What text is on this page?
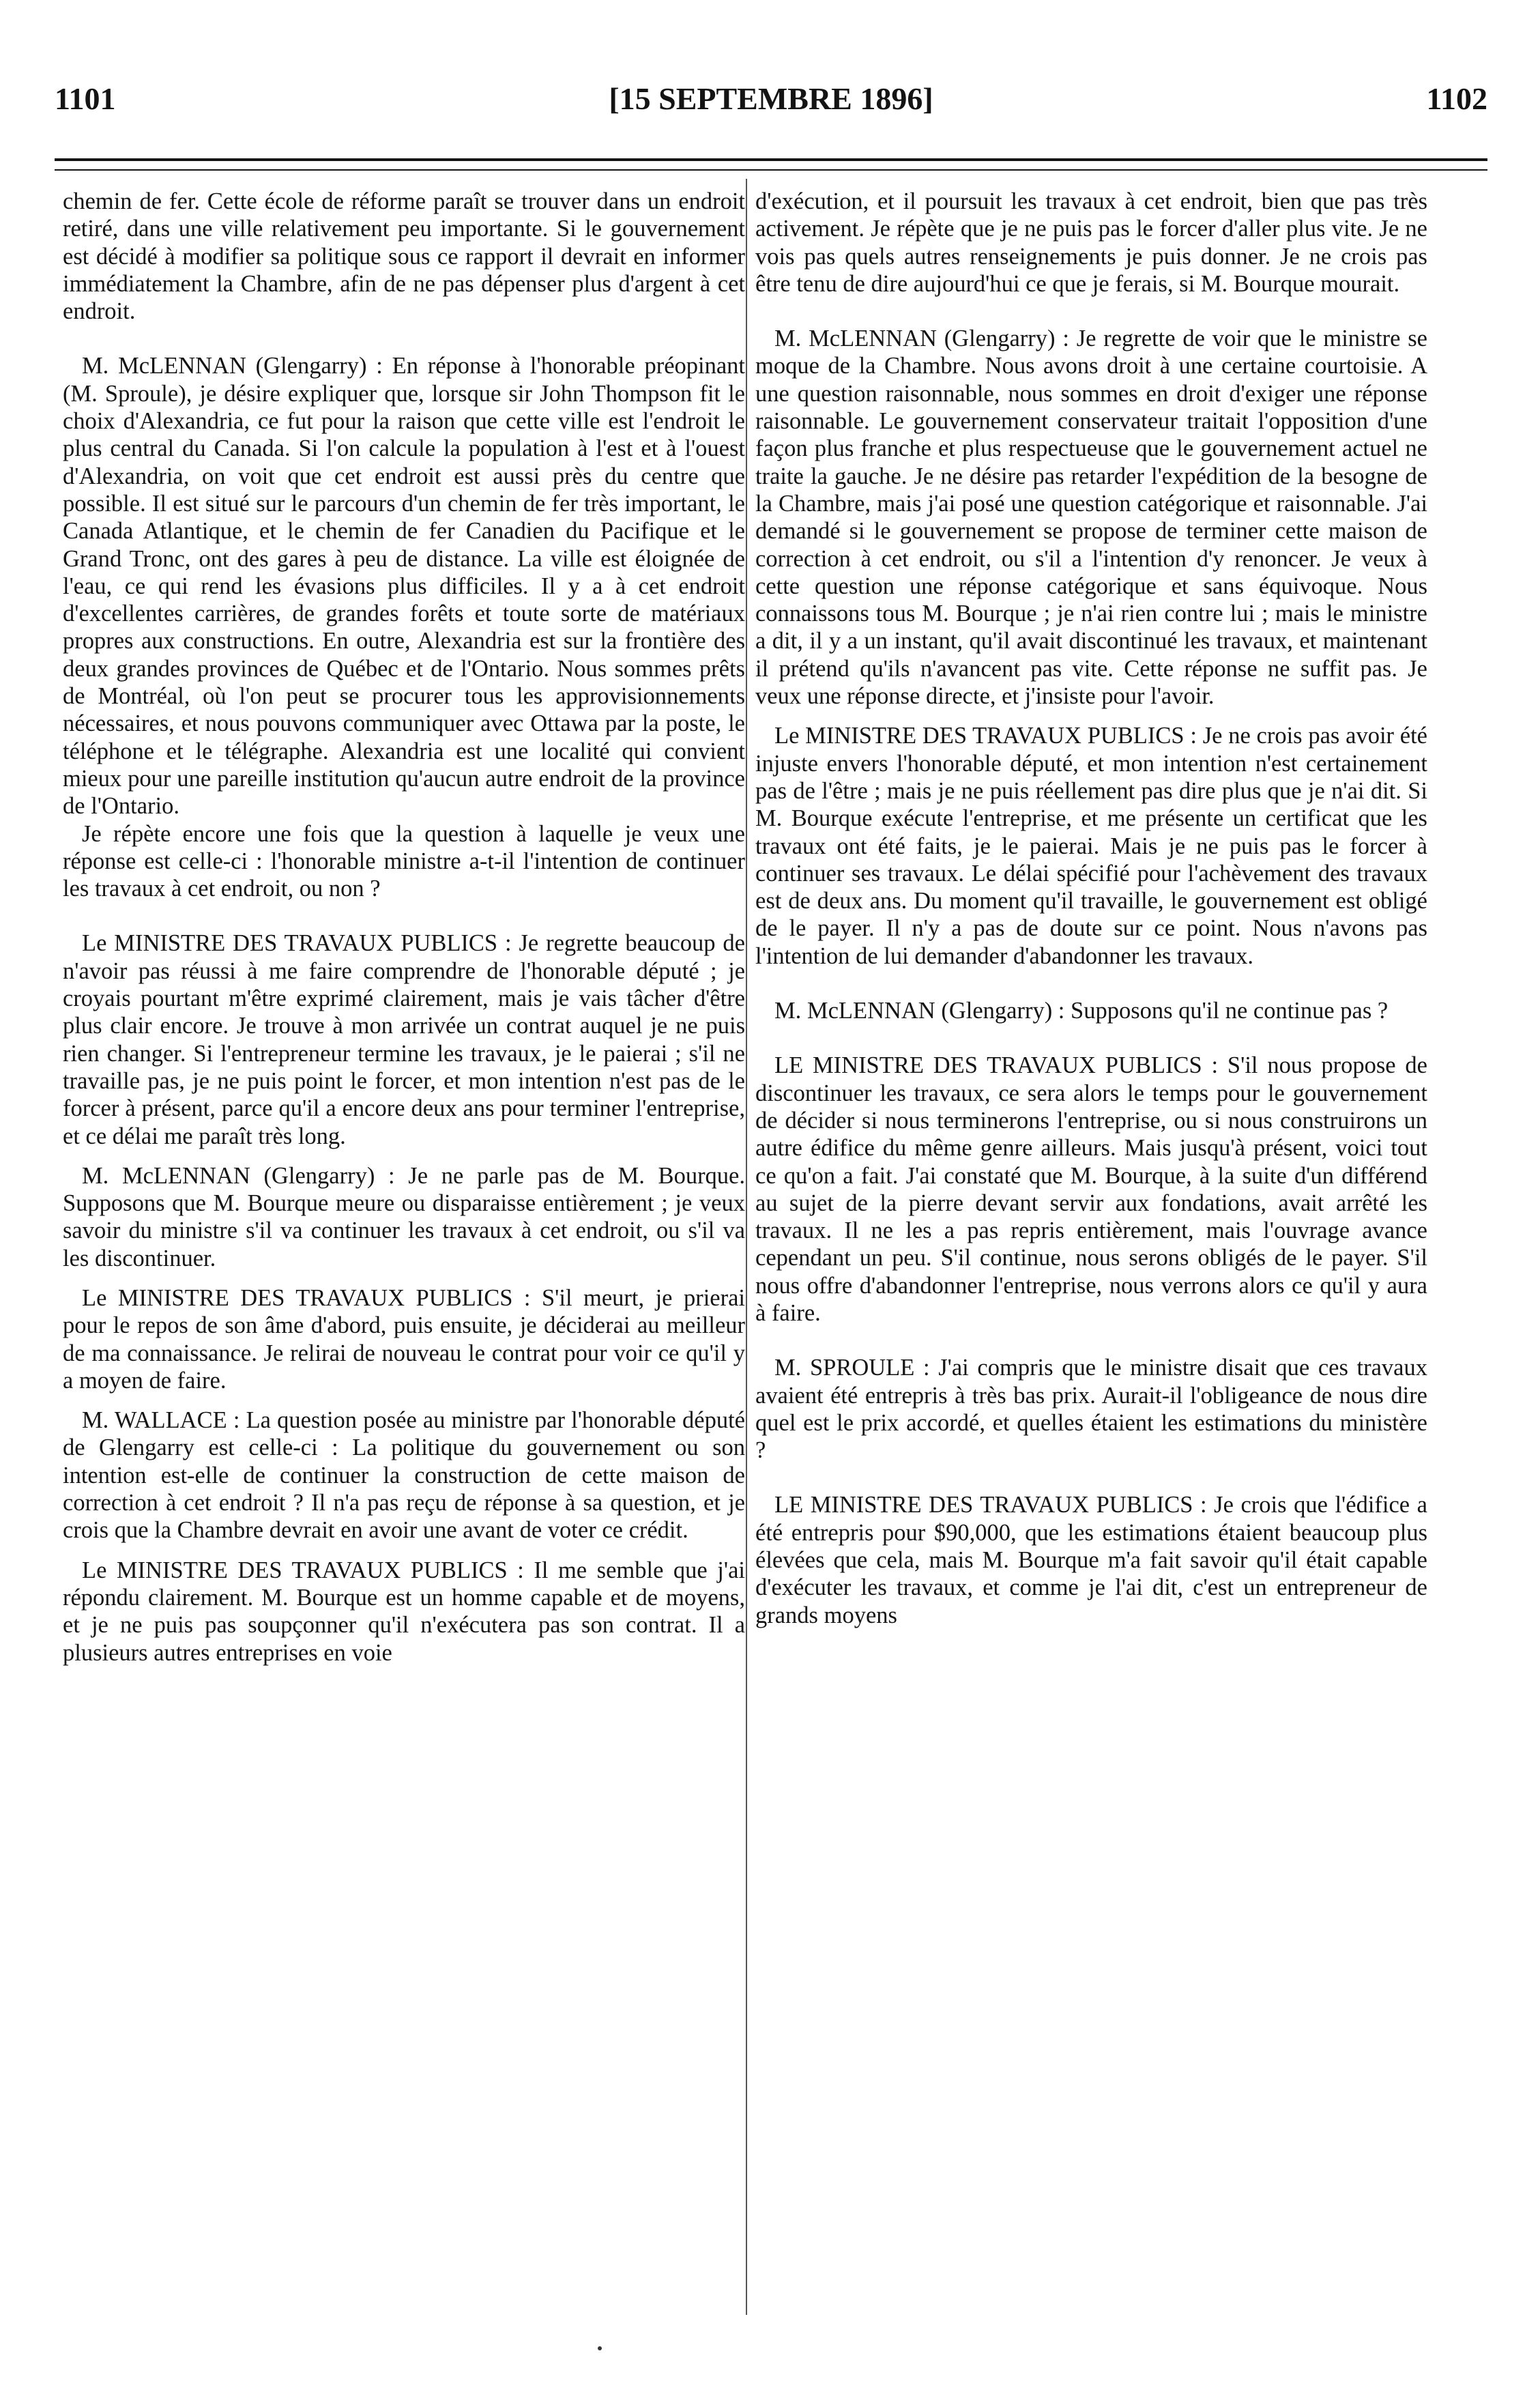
1101	[15 SEPTEMBRE 1896]	1102

chemin de fer. Cette école de réforme paraît se trouver dans un endroit retiré, dans une ville relativement peu importante. Si le gouvernement est décidé à modifier sa politique sous ce rapport il devrait en informer immédiatement la Chambre, afin de ne pas dépenser plus d'argent à cet endroit.

M. McLENNAN (Glengarry) : En réponse à l'honorable préopinant (M. Sproule), je désire expliquer que, lorsque sir John Thompson fit le choix d'Alexandria, ce fut pour la raison que cette ville est l'endroit le plus central du Canada. Si l'on calcule la population à l'est et à l'ouest d'Alexandria, on voit que cet endroit est aussi près du centre que possible. Il est situé sur le parcours d'un chemin de fer très important, le Canada Atlantique, et le chemin de fer Canadien du Pacifique et le Grand Tronc, ont des gares à peu de distance. La ville est éloignée de l'eau, ce qui rend les évasions plus difficiles. Il y a à cet endroit d'excellentes carrières, de grandes forêts et toute sorte de matériaux propres aux constructions. En outre, Alexandria est sur la frontière des deux grandes provinces de Québec et de l'Ontario. Nous sommes prêts de Montréal, où l'on peut se procurer tous les approvisionnements nécessaires, et nous pouvons communiquer avec Ottawa par la poste, le téléphone et le télégraphe. Alexandria est une localité qui convient mieux pour une pareille institution qu'aucun autre endroit de la province de l'Ontario.

Je répète encore une fois que la question à laquelle je veux une réponse est celle-ci : l'honorable ministre a-t-il l'intention de continuer les travaux à cet endroit, ou non ?

Le MINISTRE DES TRAVAUX PUBLICS : Je regrette beaucoup de n'avoir pas réussi à me faire comprendre de l'honorable député ; je croyais pourtant m'être exprimé clairement, mais je vais tâcher d'être plus clair encore. Je trouve à mon arrivée un contrat auquel je ne puis rien changer. Si l'entrepreneur termine les travaux, je le paierai ; s'il ne travaille pas, je ne puis point le forcer, et mon intention n'est pas de le forcer à présent, parce qu'il a encore deux ans pour terminer l'entreprise, et ce délai me paraît très long.

M. McLENNAN (Glengarry) : Je ne parle pas de M. Bourque. Supposons que M. Bourque meure ou disparaisse entièrement ; je veux savoir du ministre s'il va continuer les travaux à cet endroit, ou s'il va les discontinuer.

Le MINISTRE DES TRAVAUX PUBLICS : S'il meurt, je prierai pour le repos de son âme d'abord, puis ensuite, je déciderai au meilleur de ma connaissance. Je relirai de nouveau le contrat pour voir ce qu'il y a moyen de faire.

M. WALLACE : La question posée au ministre par l'honorable député de Glengarry est celle-ci : La politique du gouvernement ou son intention est-elle de continuer la construction de cette maison de correction à cet endroit ? Il n'a pas reçu de réponse à sa question, et je crois que la Chambre devrait en avoir une avant de voter ce crédit.

Le MINISTRE DES TRAVAUX PUBLICS : Il me semble que j'ai répondu clairement. M. Bourque est un homme capable et de moyens, et je ne puis pas soupçonner qu'il n'exécutera pas son contrat. Il a plusieurs autres entreprises en voie

d'exécution, et il poursuit les travaux à cet endroit, bien que pas très activement. Je répète que je ne puis pas le forcer d'aller plus vite. Je ne vois pas quels autres renseignements je puis donner. Je ne crois pas être tenu de dire aujourd'hui ce que je ferais, si M. Bourque mourait.

M. McLENNAN (Glengarry) : Je regrette de voir que le ministre se moque de la Chambre. Nous avons droit à une certaine courtoisie. A une question raisonnable, nous sommes en droit d'exiger une réponse raisonnable. Le gouvernement conservateur traitait l'opposition d'une façon plus franche et plus respectueuse que le gouvernement actuel ne traite la gauche. Je ne désire pas retarder l'expédition de la besogne de la Chambre, mais j'ai posé une question catégorique et raisonnable. J'ai demandé si le gouvernement se propose de terminer cette maison de correction à cet endroit, ou s'il a l'intention d'y renoncer. Je veux à cette question une réponse catégorique et sans équivoque. Nous connaissons tous M. Bourque ; je n'ai rien contre lui ; mais le ministre a dit, il y a un instant, qu'il avait discontinué les travaux, et maintenant il prétend qu'ils n'avancent pas vite. Cette réponse ne suffit pas. Je veux une réponse directe, et j'insiste pour l'avoir.

Le MINISTRE DES TRAVAUX PUBLICS : Je ne crois pas avoir été injuste envers l'honorable député, et mon intention n'est certainement pas de l'être ; mais je ne puis réellement pas dire plus que je n'ai dit. Si M. Bourque exécute l'entreprise, et me présente un certificat que les travaux ont été faits, je le paierai. Mais je ne puis pas le forcer à continuer ses travaux. Le délai spécifié pour l'achèvement des travaux est de deux ans. Du moment qu'il travaille, le gouvernement est obligé de le payer. Il n'y a pas de doute sur ce point. Nous n'avons pas l'intention de lui demander d'abandonner les travaux.

M. McLENNAN (Glengarry) : Supposons qu'il ne continue pas ?

LE MINISTRE DES TRAVAUX PUBLICS : S'il nous propose de discontinuer les travaux, ce sera alors le temps pour le gouvernement de décider si nous terminerons l'entreprise, ou si nous construirons un autre édifice du même genre ailleurs. Mais jusqu'à présent, voici tout ce qu'on a fait. J'ai constaté que M. Bourque, à la suite d'un différend au sujet de la pierre devant servir aux fondations, avait arrêté les travaux. Il ne les a pas repris entièrement, mais l'ouvrage avance cependant un peu. S'il continue, nous serons obligés de le payer. S'il nous offre d'abandonner l'entreprise, nous verrons alors ce qu'il y aura à faire.

M. SPROULE : J'ai compris que le ministre disait que ces travaux avaient été entrepris à très bas prix. Aurait-il l'obligeance de nous dire quel est le prix accordé, et quelles étaient les estimations du ministère ?

LE MINISTRE DES TRAVAUX PUBLICS : Je crois que l'édifice a été entrepris pour $90,000, que les estimations étaient beaucoup plus élevées que cela, mais M. Bourque m'a fait savoir qu'il était capable d'exécuter les travaux, et comme je l'ai dit, c'est un entrepreneur de grands moyens
